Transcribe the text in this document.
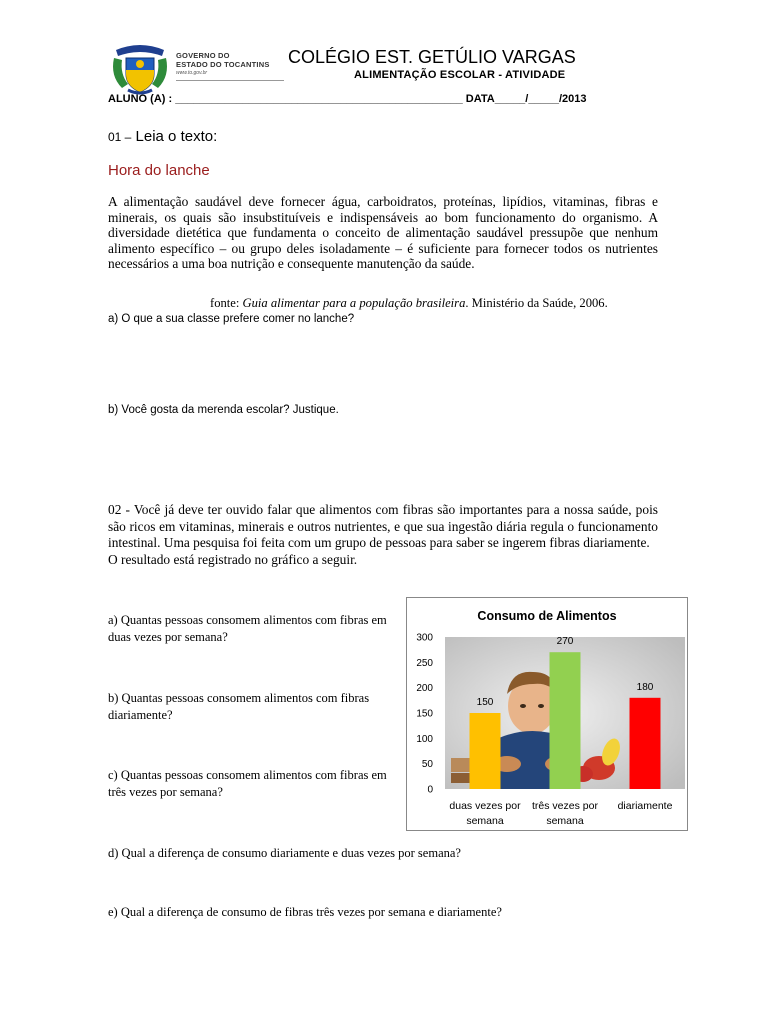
GOVERNO DO
ESTADO DO TOCANTINS
www.to.gov.br
COLÉGIO EST. GETÚLIO VARGAS
ALIMENTAÇÃO ESCOLAR - ATIVIDADE
ALUNO (A) : _______________________________________________ DATA_____/_____/2013
01 – Leia o texto:
Hora do lanche
A alimentação saudável deve fornecer água, carboidratos, proteínas, lipídios, vitaminas, fibras e minerais, os quais são insubstituíveis e indispensáveis ao bom funcionamento do organismo. A diversidade dietética que fundamenta o conceito de alimentação saudável pressupõe que nenhum alimento específico – ou grupo deles isoladamente – é suficiente para fornecer todos os nutrientes necessários a uma boa nutrição e consequente manutenção da saúde.
fonte: Guia alimentar para a população brasileira. Ministério da Saúde, 2006.
a) O que a sua classe prefere comer no lanche?
b) Você gosta da merenda escolar? Justique.
02 - Você já deve ter ouvido falar que alimentos com fibras são importantes para a nossa saúde, pois são ricos em vitaminas, minerais e outros nutrientes, e que sua ingestão diária regula o funcionamento intestinal. Uma pesquisa foi feita com um grupo de pessoas para saber se ingerem fibras diariamente.
O resultado está registrado no gráfico a seguir.
a) Quantas pessoas consomem alimentos com fibras em duas vezes por semana?
b) Quantas pessoas consomem alimentos com fibras diariamente?
c) Quantas pessoas consomem alimentos com fibras em três vezes por semana?
d) Qual a diferença de consumo diariamente e duas vezes por semana?
e) Qual a diferença de consumo de fibras três vezes por semana e diariamente?
Consumo de Alimentos
0
50
100
150
200
250
300
150
270
180
duas vezes por
semana
três vezes por
semana
diariamente
